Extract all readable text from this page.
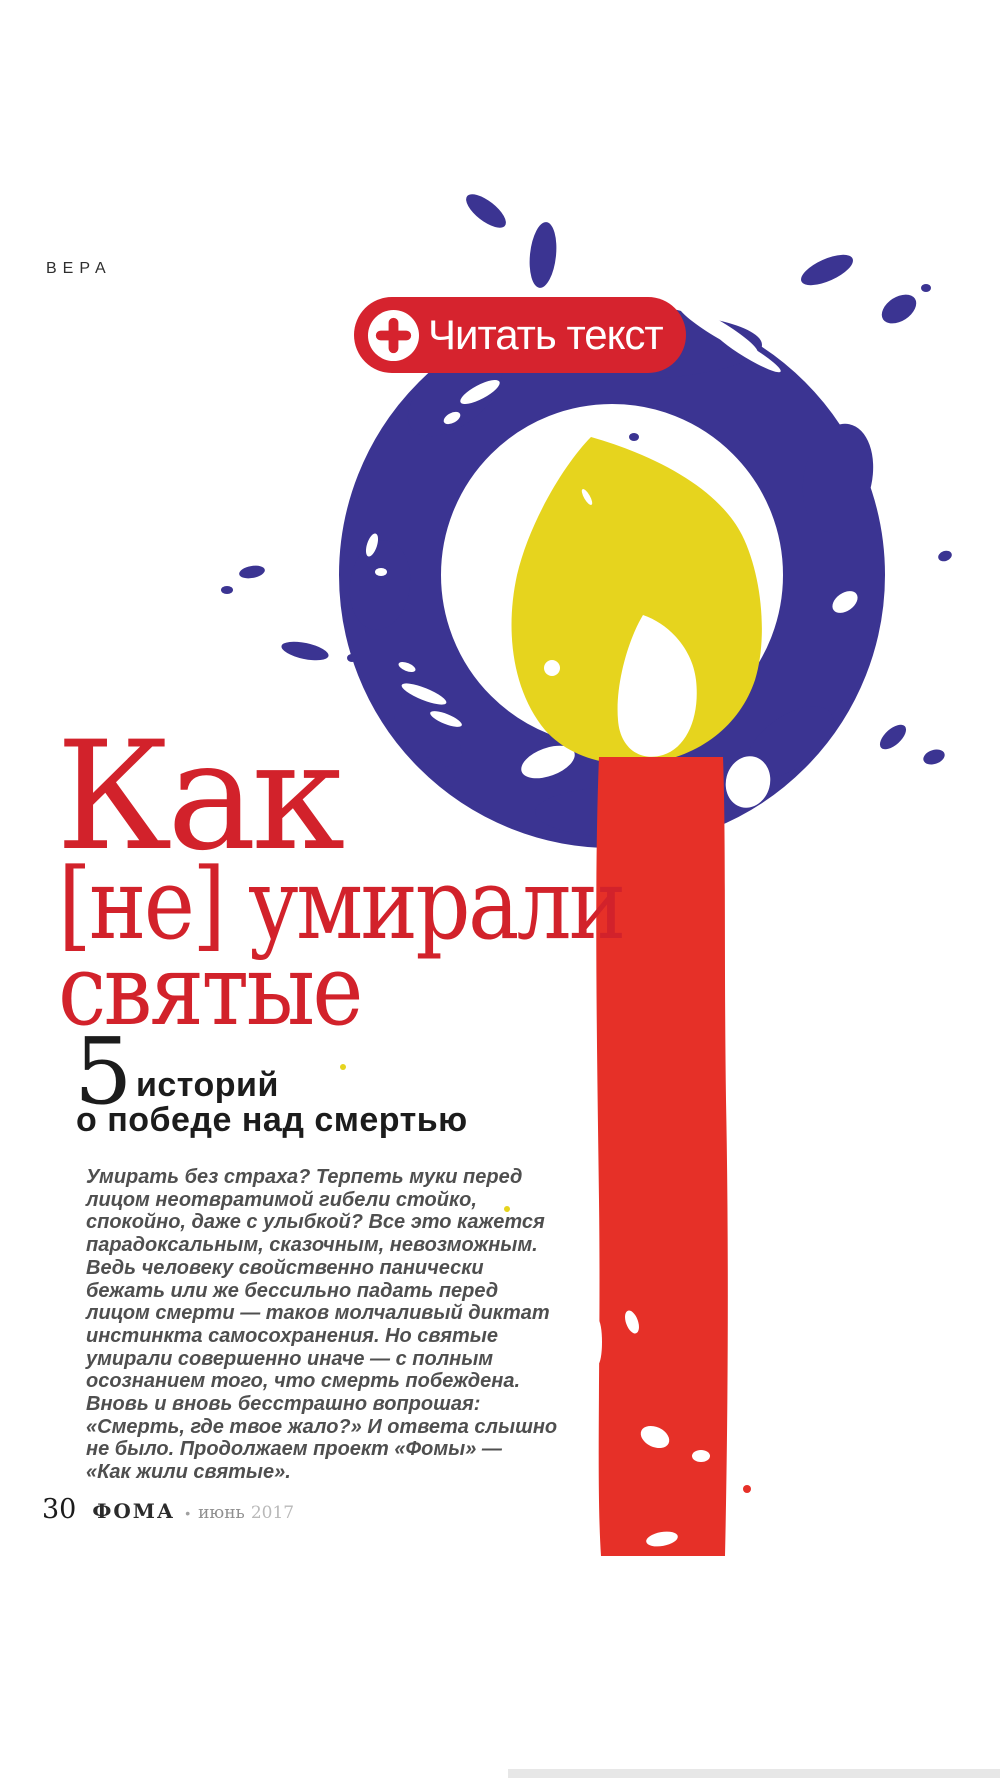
ВЕРА
Читать текст
Как
[не] умирали
святые
5 историй
о победе над смертью
Умирать без страха? Терпеть муки перед
лицом неотвратимой гибели стойко,
спокойно, даже с улыбкой? Все это кажется
парадоксальным, сказочным, невозможным.
Ведь человеку свойственно панически
бежать или же бессильно падать перед
лицом смерти — таков молчаливый диктат
инстинкта самосохранения. Но святые
умирали совершенно иначе — с полным
осознанием того, что смерть побеждена.
Вновь и вновь бесстрашно вопрошая:
«Смерть, где твое жало?» И ответа слышно
не было. Продолжаем проект «Фомы» —
«Как жили святые».
30 ФОМА • июнь 2017
